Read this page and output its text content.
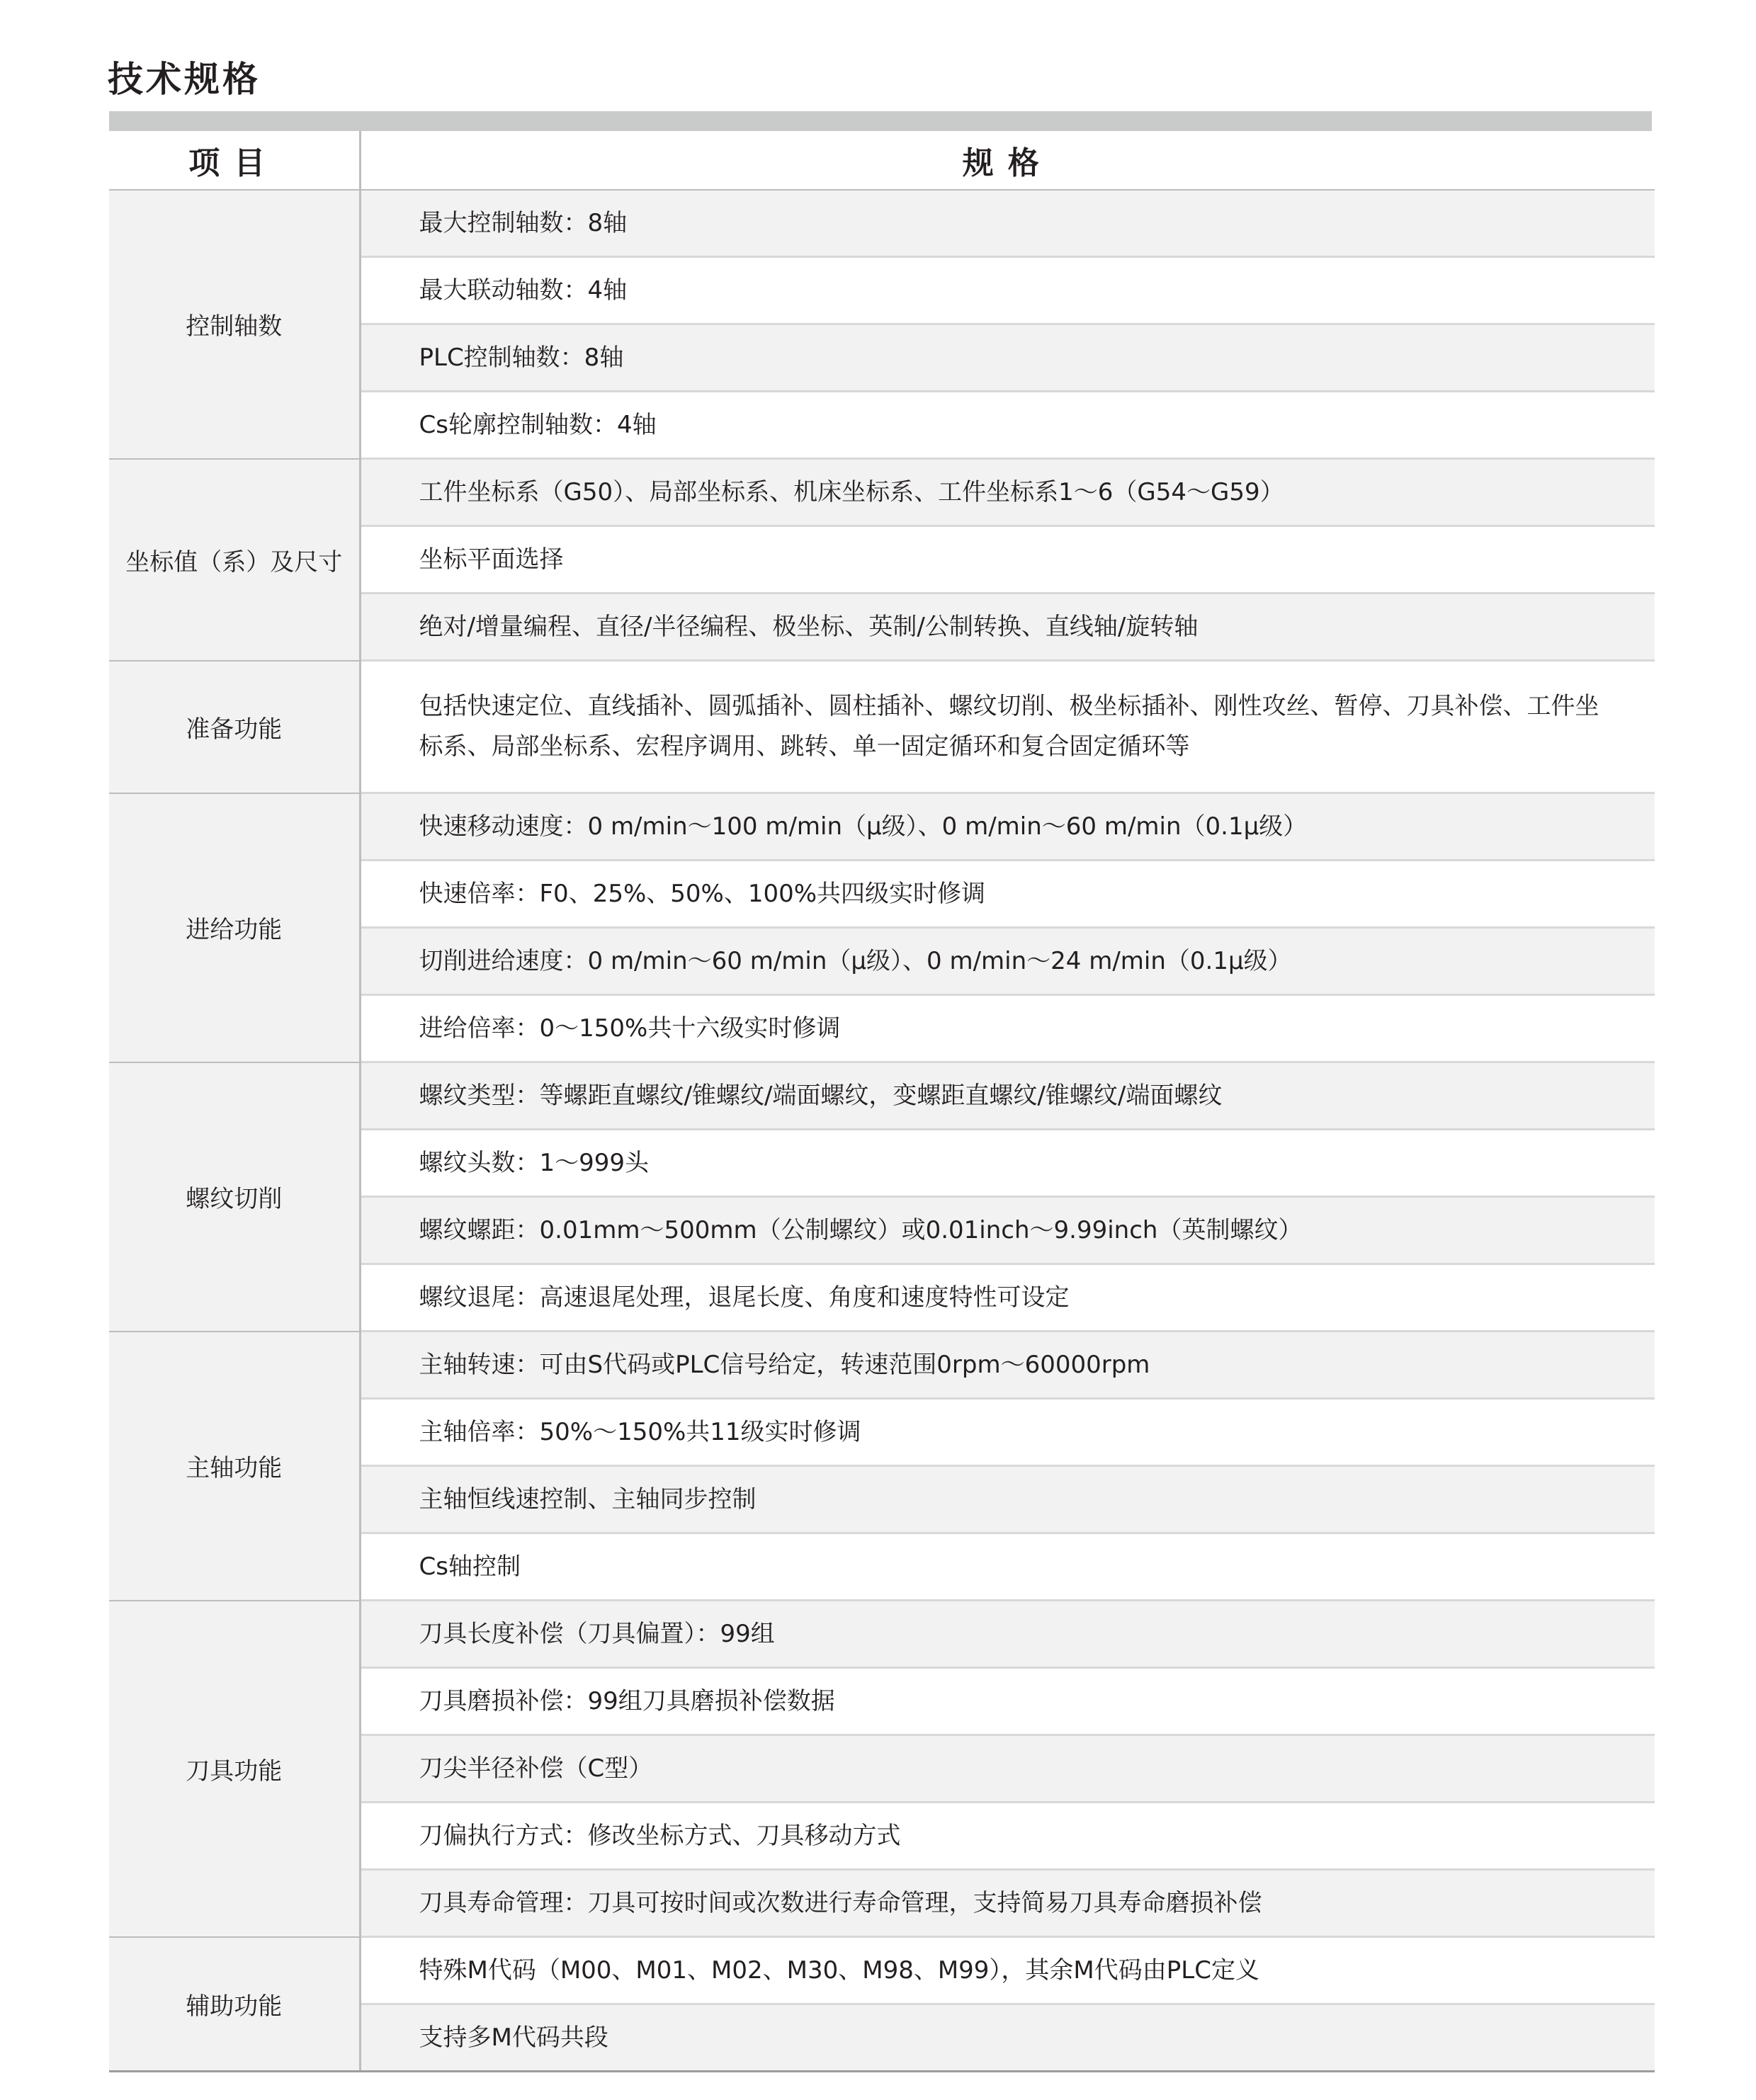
技术规格
项目	规格
控制轴数	最大控制轴数：8轴
	最大联动轴数：4轴
	PLC控制轴数：8轴
	Cs轮廓控制轴数：4轴
坐标值（系）及尺寸	工件坐标系（G50）、局部坐标系、机床坐标系、工件坐标系1～6（G54～G59）
	坐标平面选择
	绝对/增量编程、直径/半径编程、极坐标、英制/公制转换、直线轴/旋转轴
准备功能	包括快速定位、直线插补、圆弧插补、圆柱插补、螺纹切削、极坐标插补、刚性攻丝、暂停、刀具补偿、工件坐标系、局部坐标系、宏程序调用、跳转、单一固定循环和复合固定循环等
进给功能	快速移动速度：0 m/min～100 m/min（μ级）、0 m/min～60 m/min（0.1μ级）
	快速倍率：F0、25%、50%、100%共四级实时修调
	切削进给速度：0 m/min～60 m/min（μ级）、0 m/min～24 m/min（0.1μ级）
	进给倍率：0～150%共十六级实时修调
螺纹切削	螺纹类型：等螺距直螺纹/锥螺纹/端面螺纹，变螺距直螺纹/锥螺纹/端面螺纹
	螺纹头数：1～999头
	螺纹螺距：0.01mm～500mm（公制螺纹）或0.01inch～9.99inch（英制螺纹）
	螺纹退尾：高速退尾处理，退尾长度、角度和速度特性可设定
主轴功能	主轴转速：可由S代码或PLC信号给定，转速范围0rpm～60000rpm
	主轴倍率：50%～150%共11级实时修调
	主轴恒线速控制、主轴同步控制
	Cs轴控制
刀具功能	刀具长度补偿（刀具偏置）：99组
	刀具磨损补偿：99组刀具磨损补偿数据
	刀尖半径补偿（C型）
	刀偏执行方式：修改坐标方式、刀具移动方式
	刀具寿命管理：刀具可按时间或次数进行寿命管理，支持简易刀具寿命磨损补偿
辅助功能	特殊M代码（M00、M01、M02、M30、M98、M99），其余M代码由PLC定义
	支持多M代码共段
